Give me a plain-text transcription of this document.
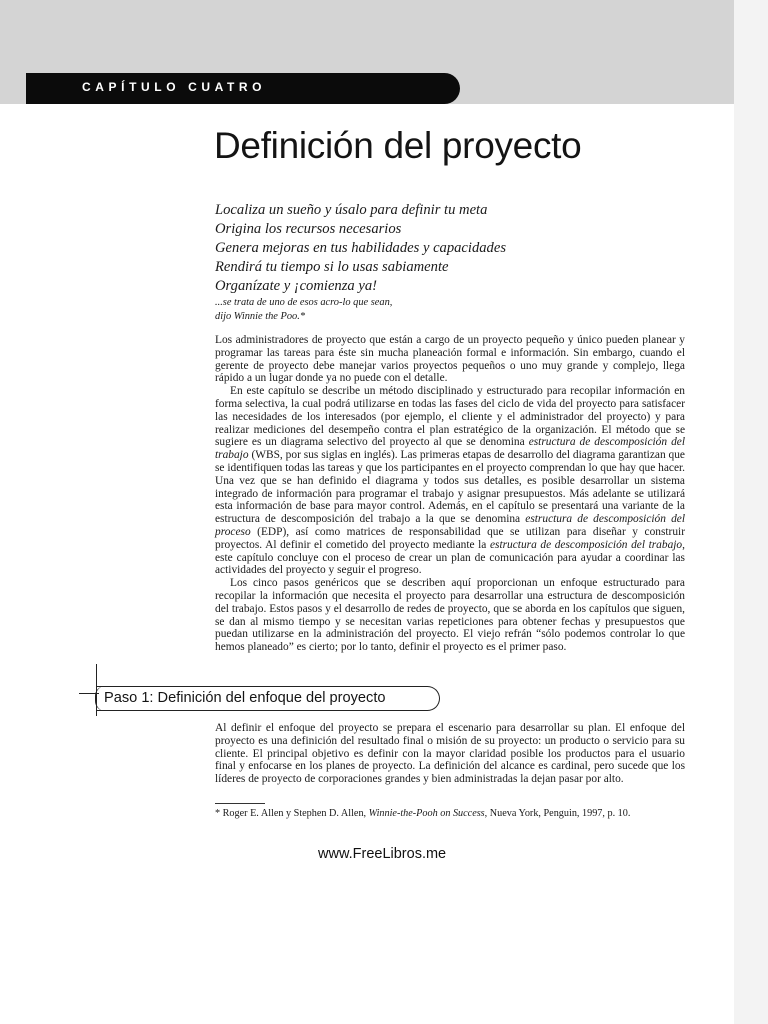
CAPÍTULO CUATRO
Definición del proyecto
Localiza un sueño y úsalo para definir tu meta
Origina los recursos necesarios
Genera mejoras en tus habilidades y capacidades
Rendirá tu tiempo si lo usas sabiamente
Organízate y ¡comienza ya!
...se trata de uno de esos acro-lo que sean,
dijo Winnie the Poo.*

Los administradores de proyecto que están a cargo de un proyecto pequeño y único pueden planear y programar las tareas para éste sin mucha planeación formal e información. Sin embargo, cuando el gerente de proyecto debe manejar varios proyectos pequeños o uno muy grande y complejo, llega rápido a un lugar donde ya no puede con el detalle.

En este capítulo se describe un método disciplinado y estructurado para recopilar información en forma selectiva, la cual podrá utilizarse en todas las fases del ciclo de vida del proyecto para satisfacer las necesidades de los interesados (por ejemplo, el cliente y el administrador del proyecto) y para realizar mediciones del desempeño contra el plan estratégico de la organización. El método que se sugiere es un diagrama selectivo del proyecto al que se denomina estructura de descomposición del trabajo (WBS, por sus siglas en inglés). Las primeras etapas de desarrollo del diagrama garantizan que se identifiquen todas las tareas y que los participantes en el proyecto comprendan lo que hay que hacer. Una vez que se han definido el diagrama y todos sus detalles, es posible desarrollar un sistema integrado de información para programar el trabajo y asignar presupuestos. Más adelante se utilizará esta información de base para mayor control. Además, en el capítulo se presentará una variante de la estructura de descomposición del trabajo a la que se denomina estructura de descomposición del proceso (EDP), así como matrices de responsabilidad que se utilizan para diseñar y construir proyectos. Al definir el cometido del proyecto mediante la estructura de descomposición del trabajo, este capítulo concluye con el proceso de crear un plan de comunicación para ayudar a coordinar las actividades del proyecto y seguir el progreso.

Los cinco pasos genéricos que se describen aquí proporcionan un enfoque estructurado para recopilar la información que necesita el proyecto para desarrollar una estructura de descomposición del trabajo. Estos pasos y el desarrollo de redes de proyecto, que se aborda en los capítulos que siguen, se dan al mismo tiempo y se necesitan varias repeticiones para obtener fechas y presupuestos que puedan utilizarse en la administración del proyecto. El viejo refrán “sólo podemos controlar lo que hemos planeado” es cierto; por lo tanto, definir el proyecto es el primer paso.

Paso 1: Definición del enfoque del proyecto

Al definir el enfoque del proyecto se prepara el escenario para desarrollar su plan. El enfoque del proyecto es una definición del resultado final o misión de su proyecto: un producto o servicio para su cliente. El principal objetivo es definir con la mayor claridad posible los productos para el usuario final y enfocarse en los planes de proyecto. La definición del alcance es cardinal, pero sucede que los líderes de proyecto de corporaciones grandes y bien administradas la dejan pasar por alto.

* Roger E. Allen y Stephen D. Allen, Winnie-the-Pooh on Success, Nueva York, Penguin, 1997, p. 10.
www.FreeLibros.me
